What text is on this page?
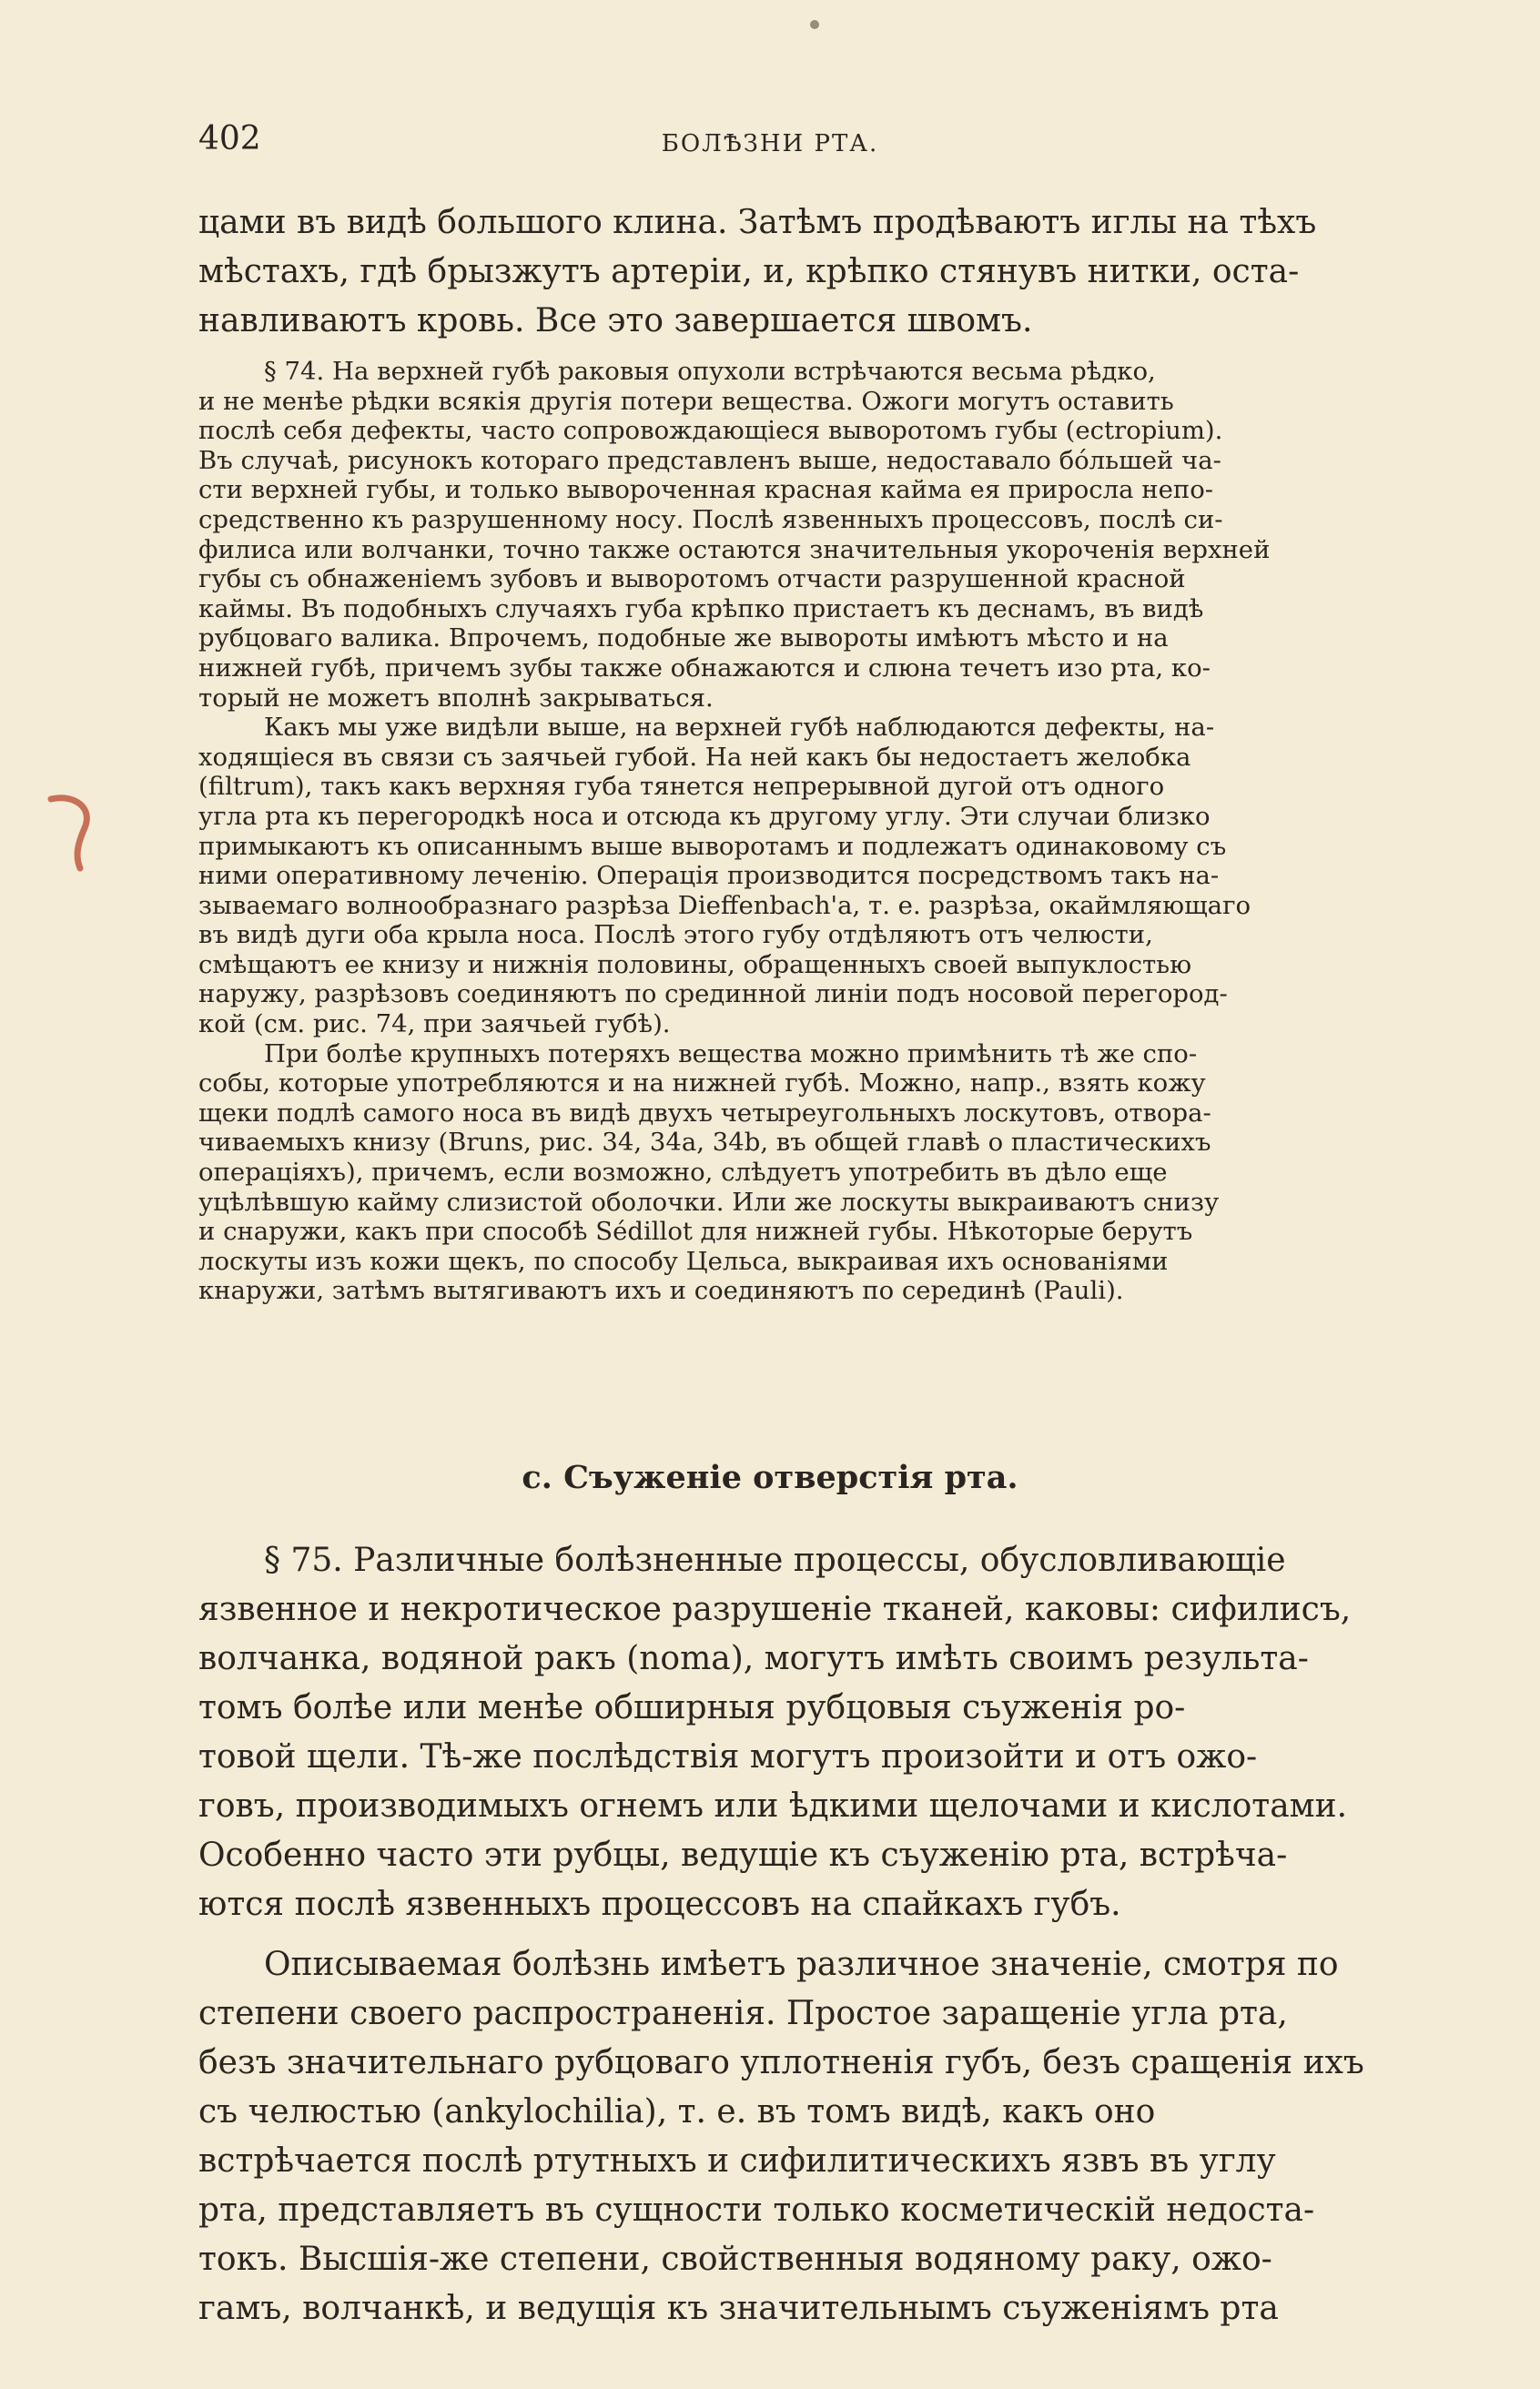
402	БОЛѢЗНИ РТА.

цами въ видѣ большого клина. Затѣмъ продѣваютъ иглы на тѣхъ

мѣстахъ, гдѣ брызжутъ артеріи, и, крѣпко стянувъ нитки, оста-

навливаютъ кровь. Все это завершается швомъ.

§ 74. На верхней губѣ раковыя опухоли встрѣчаются весьма рѣдко,

и не менѣе рѣдки всякія другія потери вещества. Ожоги могутъ оставить

послѣ себя дефекты, часто сопровождающіеся выворотомъ губы (ectropium).

Въ случаѣ, рисунокъ котораго представленъ выше, недоставало бо́льшей ча-

сти верхней губы, и только вывороченная красная кайма ея приросла непо-

средственно къ разрушенному носу. Послѣ язвенныхъ процессовъ, послѣ си-

филиса или волчанки, точно также остаются значительныя укороченія верхней

губы съ обнаженіемъ зубовъ и выворотомъ отчасти разрушенной красной

каймы. Въ подобныхъ случаяхъ губа крѣпко пристаетъ къ деснамъ, въ видѣ

рубцоваго валика. Впрочемъ, подобные же вывороты имѣютъ мѣсто и на

нижней губѣ, причемъ зубы также обнажаются и слюна течетъ изо рта, ко-

торый не можетъ вполнѣ закрываться.

Какъ мы уже видѣли выше, на верхней губѣ наблюдаются дефекты, на-

ходящіеся въ связи съ заячьей губой. На ней какъ бы недостаетъ желобка

(filtrum), такъ какъ верхняя губа тянется непрерывной дугой отъ одного

угла рта къ перегородкѣ носа и отсюда къ другому углу. Эти случаи близко

примыкаютъ къ описаннымъ выше выворотамъ и подлежатъ одинаковому съ

ними оперативному леченію. Операція производится посредствомъ такъ на-

зываемаго волнообразнаго разрѣза Dieffenbach'а, т. е. разрѣза, окаймляющаго

въ видѣ дуги оба крыла носа. Послѣ этого губу отдѣляютъ отъ челюсти,

смѣщаютъ ее книзу и нижнія половины, обращенныхъ своей выпуклостью

наружу, разрѣзовъ соединяютъ по срединной линіи подъ носовой перегород-

кой (см. рис. 74, при заячьей губѣ).

При болѣе крупныхъ потеряхъ вещества можно примѣнить тѣ же спо-

собы, которые употребляются и на нижней губѣ. Можно, напр., взять кожу

щеки подлѣ самого носа въ видѣ двухъ четыреугольныхъ лоскутовъ, отвора-

чиваемыхъ книзу (Bruns, рис. 34, 34a, 34b, въ общей главѣ о пластическихъ

операціяхъ), причемъ, если возможно, слѣдуетъ употребить въ дѣло еще

уцѣлѣвшую кайму слизистой оболочки. Или же лоскуты выкраиваютъ снизу

и снаружи, какъ при способѣ Sédillot для нижней губы. Нѣкоторые берутъ

лоскуты изъ кожи щекъ, по способу Цельса, выкраивая ихъ основаніями

кнаружи, затѣмъ вытягиваютъ ихъ и соединяютъ по серединѣ (Pauli).

c. Съуженіе отверстія рта.

§ 75. Различные болѣзненные процессы, обусловливающіе

язвенное и некротическое разрушеніе тканей, каковы: сифилисъ,

волчанка, водяной ракъ (noma), могутъ имѣть своимъ результа-

томъ болѣе или менѣе обширныя рубцовыя съуженія ро-

товой щели. Тѣ-же послѣдствія могутъ произойти и отъ ожо-

говъ, производимыхъ огнемъ или ѣдкими щелочами и кислотами.

Особенно часто эти рубцы, ведущіе къ съуженію рта, встрѣча-

ются послѣ язвенныхъ процессовъ на спайкахъ губъ.

Описываемая болѣзнь имѣетъ различное значеніе, смотря по

степени своего распространенія. Простое заращеніе угла рта,

безъ значительнаго рубцоваго уплотненія губъ, безъ сращенія ихъ

съ челюстью (ankylochilia), т. е. въ томъ видѣ, какъ оно

встрѣчается послѣ ртутныхъ и сифилитическихъ язвъ въ углу

рта, представляетъ въ сущности только косметическій недоста-

токъ. Высшія-же степени, свойственныя водяному раку, ожо-

гамъ, волчанкѣ, и ведущія къ значительнымъ съуженіямъ рта
